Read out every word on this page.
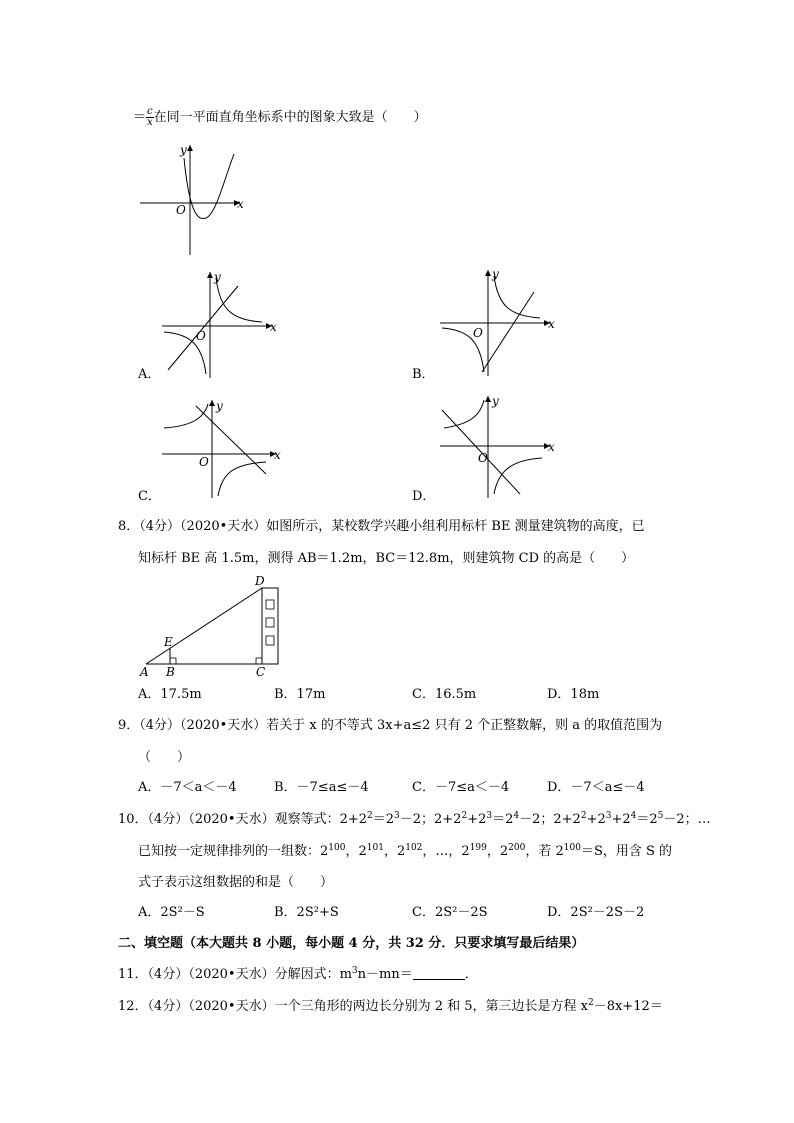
＝ $\frac{c}{x}$ 在同一平面直角坐标系中的图象大致是（　　）
y
x
O
y
x
O
A．
y
x
O
B．
y
x
O
C．
y
x
O
D．
8．（4分）（2020•天水）如图所示，某校数学兴趣小组利用标杆 BE 测量建筑物的高度，已
知标杆 BE 高 1.5m，测得 AB＝1.2m，BC＝12.8m，则建筑物 CD 的高是（　　）
A B	C
D
E
A．17.5m	B．17m	C．16.5m	D．18m
9．（4分）（2020•天水）若关于 x 的不等式 3x+a≤2 只有 2 个正整数解，则 a 的取值范围为
（　　）
A．－7＜a＜－4	B．－7≤a≤－4	C．－7≤a＜－4	D．－7＜a≤－4
10．（4分）（2020•天水）观察等式：$2+2^2=2^3-2$；$2+2^2+2^3=2^4-2$；$2+2^2+2^3+2^4=2^5-2$；…
已知按一定规律排列的一组数：$2^{100}$，$2^{101}$，$2^{102}$，…，$2^{199}$，$2^{200}$，若 $2^{100}=S$，用含 S 的
式子表示这组数据的和是（　　）
A．2S²－S	B．2S²+S	C．2S²－2S	D．2S²－2S－2
二、填空题（本大题共 8 小题，每小题 4 分，共 32 分．只要求填写最后结果）
11．（4分）（2020•天水）分解因式：$m^3n-mn=$	．
12．（4分）（2020•天水）一个三角形的两边长分别为 2 和 5，第三边长是方程 $x^2-8x+12=$
